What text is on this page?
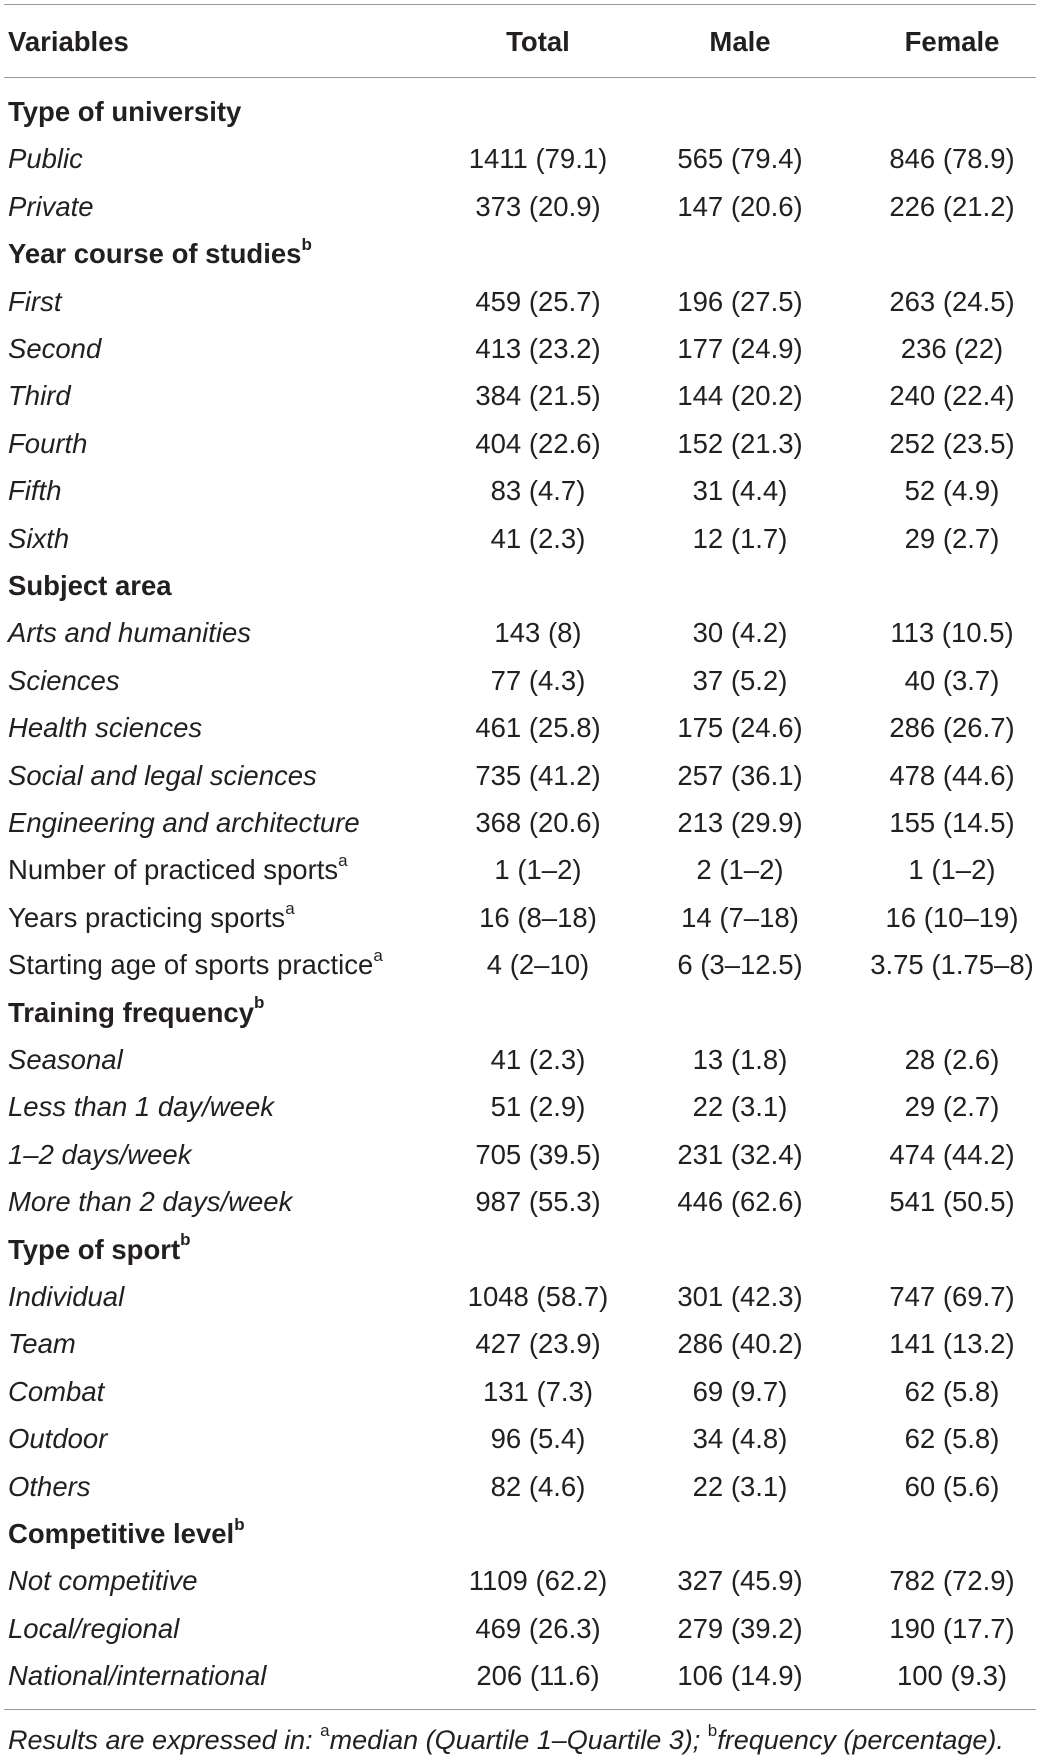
Variables	Total	Male	Female
Type of university
Public	1411 (79.1)	565 (79.4)	846 (78.9)
Private	373 (20.9)	147 (20.6)	226 (21.2)
Year course of studies$^b$
First	459 (25.7)	196 (27.5)	263 (24.5)
Second	413 (23.2)	177 (24.9)	236 (22)
Third	384 (21.5)	144 (20.2)	240 (22.4)
Fourth	404 (22.6)	152 (21.3)	252 (23.5)
Fifth	83 (4.7)	31 (4.4)	52 (4.9)
Sixth	41 (2.3)	12 (1.7)	29 (2.7)
Subject area
Arts and humanities	143 (8)	30 (4.2)	113 (10.5)
Sciences	77 (4.3)	37 (5.2)	40 (3.7)
Health sciences	461 (25.8)	175 (24.6)	286 (26.7)
Social and legal sciences	735 (41.2)	257 (36.1)	478 (44.6)
Engineering and architecture	368 (20.6)	213 (29.9)	155 (14.5)
Number of practiced sports$^a$	1 (1–2)	2 (1–2)	1 (1–2)
Years practicing sports$^a$	16 (8–18)	14 (7–18)	16 (10–19)
Starting age of sports practice$^a$	4 (2–10)	6 (3–12.5)	3.75 (1.75–8)
Training frequency$^b$
Seasonal	41 (2.3)	13 (1.8)	28 (2.6)
Less than 1 day/week	51 (2.9)	22 (3.1)	29 (2.7)
1–2 days/week	705 (39.5)	231 (32.4)	474 (44.2)
More than 2 days/week	987 (55.3)	446 (62.6)	541 (50.5)
Type of sport$^b$
Individual	1048 (58.7)	301 (42.3)	747 (69.7)
Team	427 (23.9)	286 (40.2)	141 (13.2)
Combat	131 (7.3)	69 (9.7)	62 (5.8)
Outdoor	96 (5.4)	34 (4.8)	62 (5.8)
Others	82 (4.6)	22 (3.1)	60 (5.6)
Competitive level$^b$
Not competitive	1109 (62.2)	327 (45.9)	782 (72.9)
Local/regional	469 (26.3)	279 (39.2)	190 (17.7)
National/international	206 (11.6)	106 (14.9)	100 (9.3)
Results are expressed in: $^a$median (Quartile 1–Quartile 3); $^b$frequency (percentage).
